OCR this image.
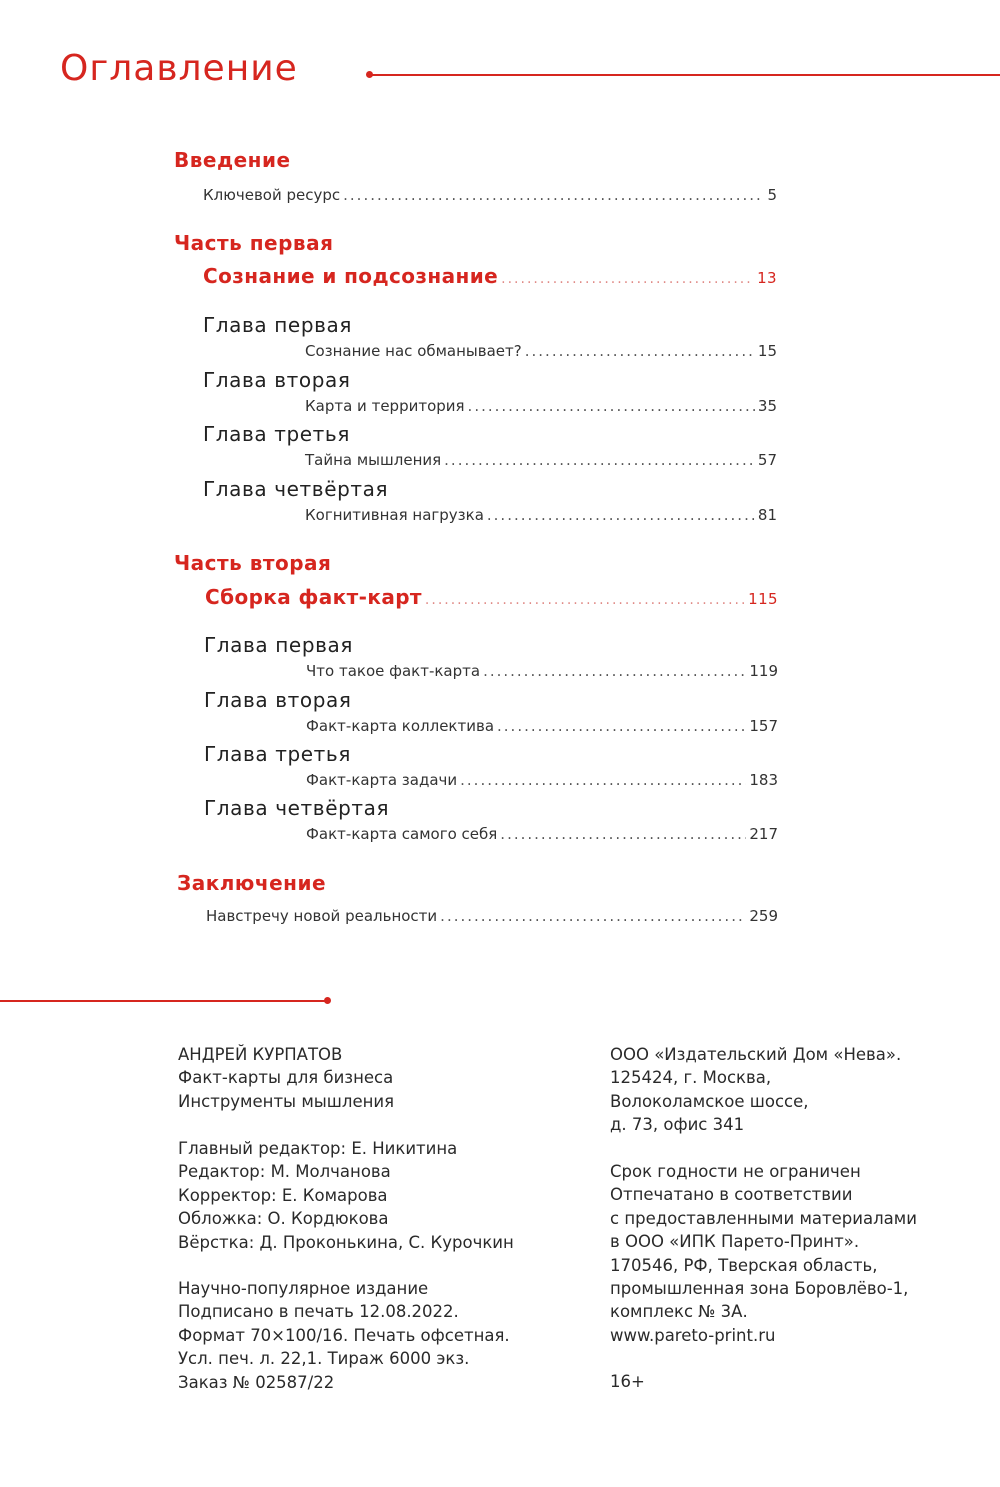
Оглавление
Введение
Ключевой ресурс .....	5
Часть первая
Сознание и подсознание .....	13
Глава первая
Сознание нас обманывает? .....	15
Глава вторая
Карта и территория .....	35
Глава третья
Тайна мышления .....	57
Глава четвёртая
Когнитивная нагрузка .....	81
Часть вторая
Сборка факт-карт .....	115
Глава первая
Что такое факт-карта .....	119
Глава вторая
Факт-карта коллектива .....	157
Глава третья
Факт-карта задачи .....	183
Глава четвёртая
Факт-карта самого себя .....	217
Заключение
Навстречу новой реальности .....	259
АНДРЕЙ КУРПАТОВ
Факт-карты для бизнеса
Инструменты мышления
Главный редактор: Е. Никитина
Редактор: М. Молчанова
Корректор: Е. Комарова
Обложка: О. Кордюкова
Вёрстка: Д. Проконькина, С. Курочкин
Научно-популярное издание
Подписано в печать 12.08.2022.
Формат 70×100/16. Печать офсетная.
Усл. печ. л. 22,1. Тираж 6000 экз.
Заказ № 02587/22
ООО «Издательский Дом «Нева».
125424, г. Москва,
Волоколамское шоссе,
д. 73, офис 341
Срок годности не ограничен
Отпечатано в соответствии
с предоставленными материалами
в ООО «ИПК Парето-Принт».
170546, РФ, Тверская область,
промышленная зона Боровлёво-1,
комплекс № 3А.
www.pareto-print.ru
16+
